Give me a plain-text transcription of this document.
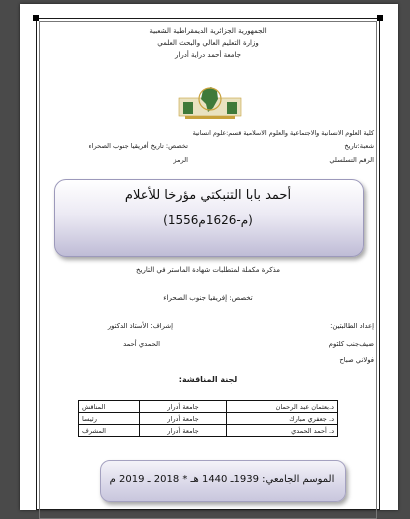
الجمهورية الجزائرية الديمقراطية الشعبية
وزارة التعليم العالي والبحث العلمي
جامعة أحمد دراية أدرار
كلية العلوم الانسانية والاجتماعية والعلوم الاسلامية قسم:علوم انسانية
شعبة:تاريخ
تخصص: تاريخ أفريقيا جنوب الصحراء
الرقم التسلسلي
الرمز
أحمد بابا التنبكتي مؤرخا للأعلام
(1556م-1626م)
مذكرة مكملة لمتطلبات شهادة الماستر في التاريخ
تخصص: إفريقيا جنوب الصحراء
إعداد الطالبتين:
إشراف: الأستاذ الدكتور
ضيف‌جنب كلثوم
الحمدي أحمد
فولاني صباح
لجنة المناقشة:
د.بعثمان عبد الرحمان	جامعة أدرار	المناقش
د. جعفري مبارك	جامعة أدرار	رئيسا
د. أحمد الحمدي	جامعة أدرار	المشرف
الموسم الجامعي: 1939ـ 1440 هـ * 2018 ـ 2019 م
